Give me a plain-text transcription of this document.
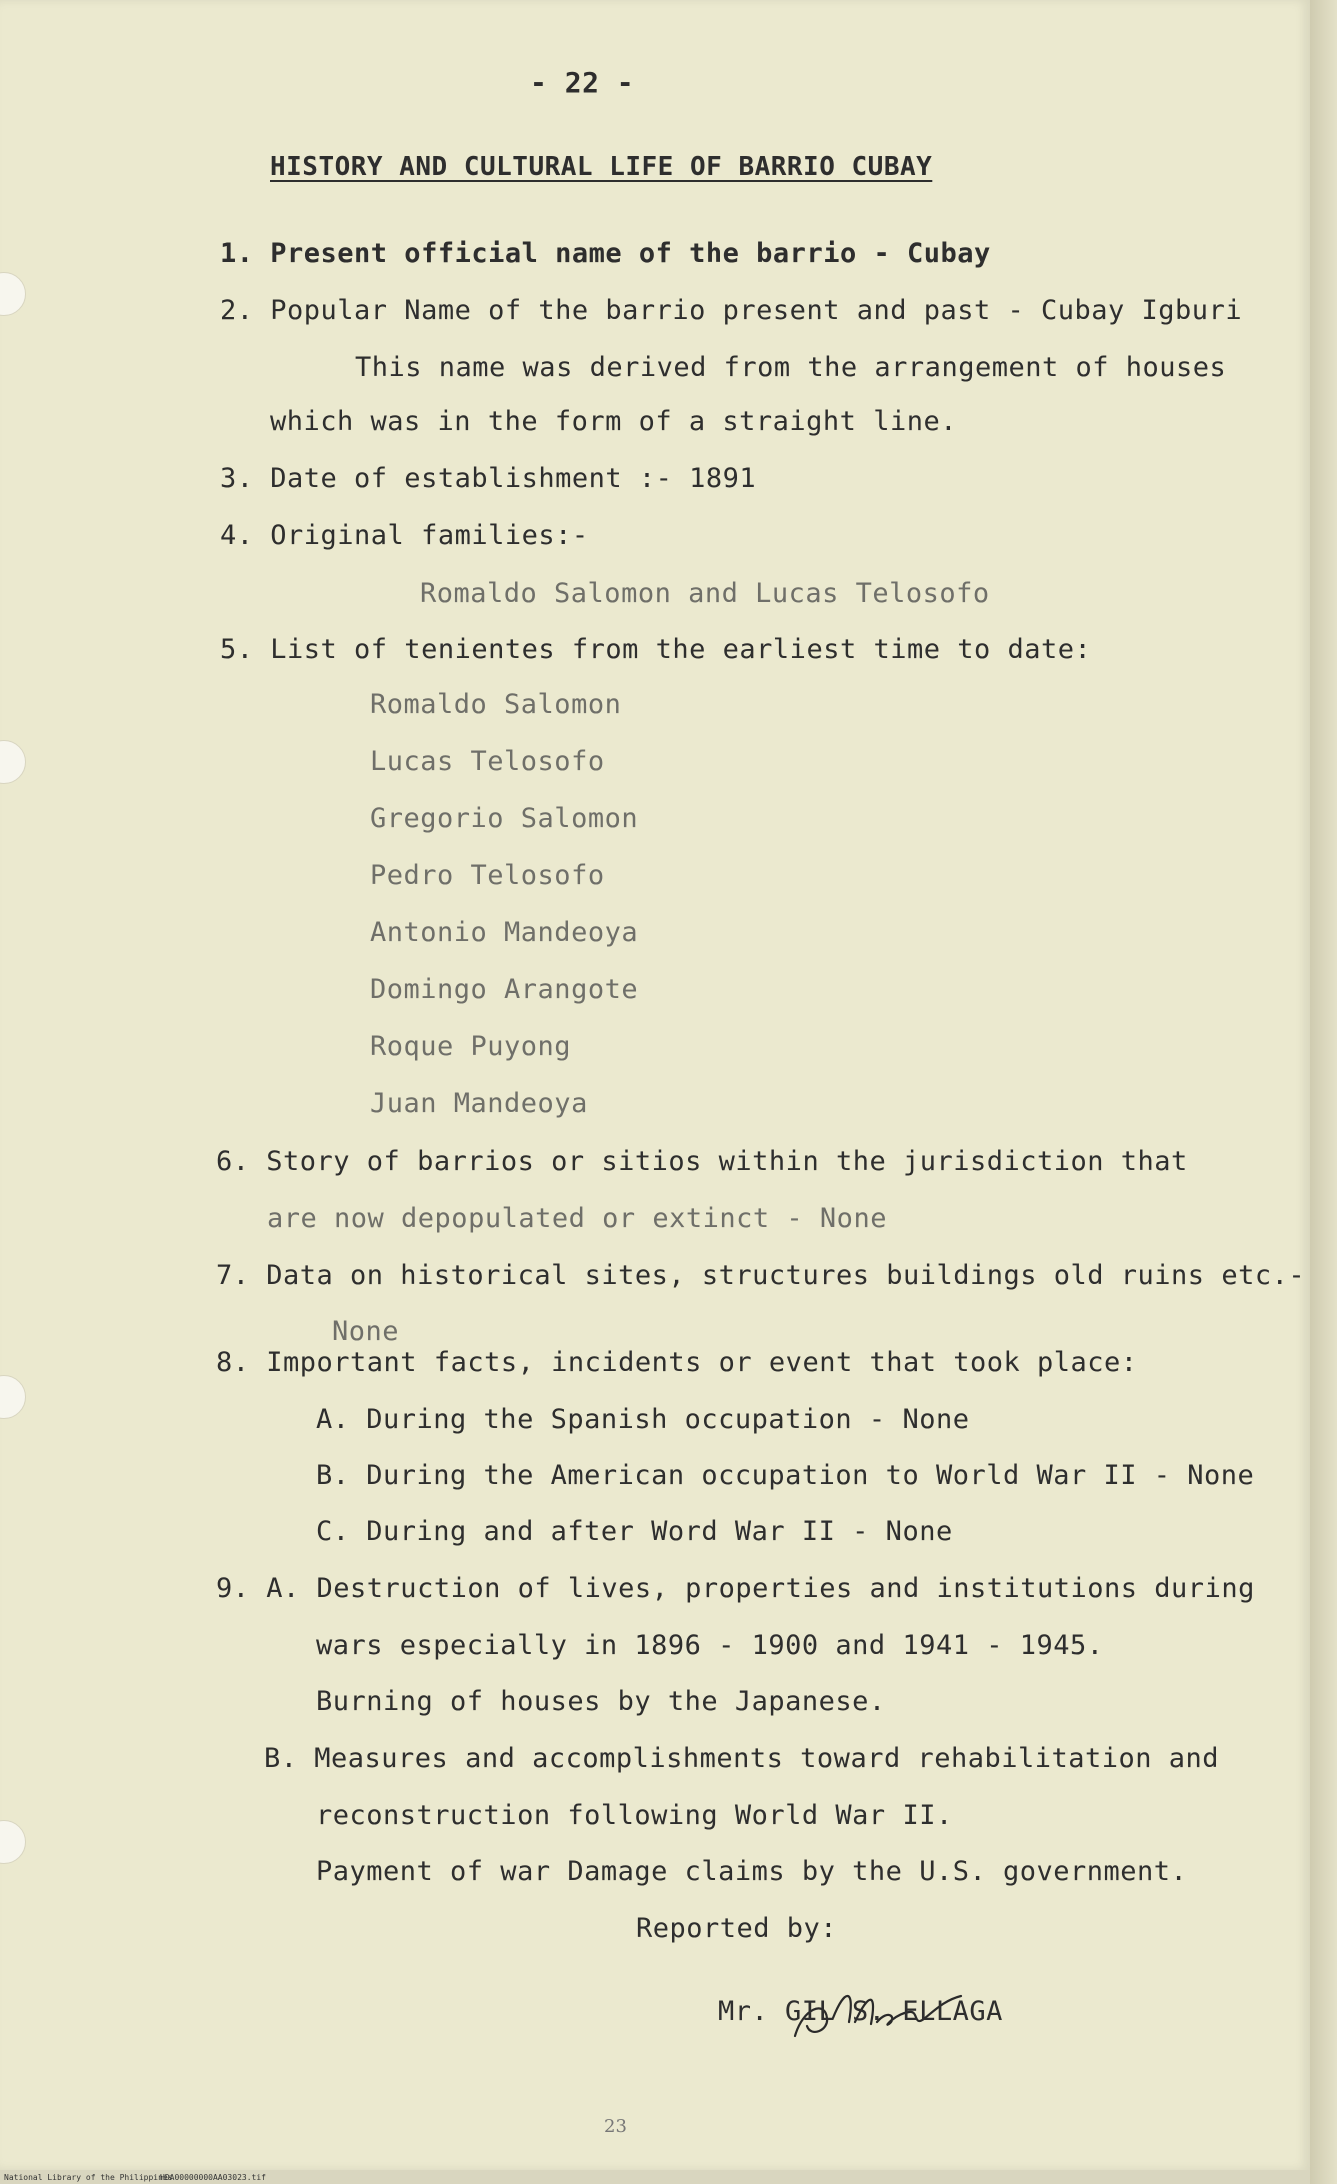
- 22 -
HISTORY AND CULTURAL LIFE OF BARRIO CUBAY
1. Present official name of the barrio - Cubay
2. Popular Name of the barrio present and past - Cubay Igburi
This name was derived from the arrangement of houses
which was in the form of a straight line.
3. Date of establishment :- 1891
4. Original families:-
Romaldo Salomon and Lucas Telosofo
5. List of tenientes from the earliest time to date:
Romaldo Salomon
Lucas Telosofo
Gregorio Salomon
Pedro Telosofo
Antonio Mandeoya
Domingo Arangote
Roque Puyong
Juan Mandeoya
6. Story of barrios or sitios within the jurisdiction that
are now depopulated or extinct - None
7. Data on historical sites, structures buildings old ruins etc.-
None
8. Important facts, incidents or event that took place:
A. During the Spanish occupation - None
B. During the American occupation to World War II - None
C. During and after Word War II - None
9. A. Destruction of lives, properties and institutions during
wars especially in 1896 - 1900 and 1941 - 1945.
Burning of houses by the Japanese.
B. Measures and accomplishments toward rehabilitation and
reconstruction following World War II.
Payment of war Damage claims by the U.S. government.
Reported by:
Mr. GIL S. ELLAGA
23
National Library of the Philippines
HDA00000000AA03023.tif
